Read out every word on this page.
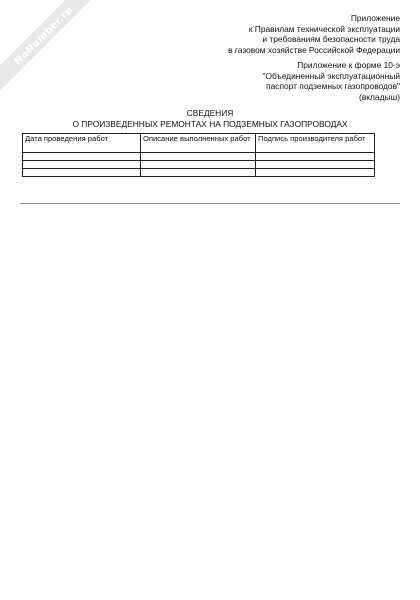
NoNumber.ru	Приложение
к Правилам технической эксплуатации
и требованиям безопасности труда
в газовом хозяйстве Российской Федерации
Приложение к форме 10-э
"Объединенный эксплуатационный
паспорт подземных газопроводов"
(вкладыш)
СВЕДЕНИЯ
О ПРОИЗВЕДЕННЫХ РЕМОНТАХ НА ПОДЗЕМНЫХ ГАЗОПРОВОДАХ
Дата проведения работ	Описание выполненных работ	Подпись производителя работ
